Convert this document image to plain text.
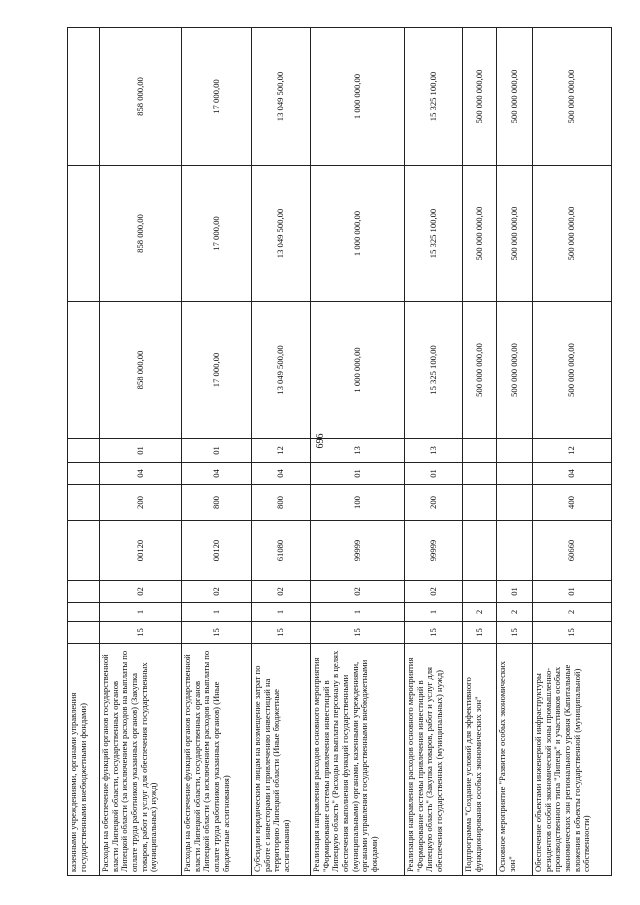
696
казенными учреждениями, органами управления государственными внебюджетными фондами)										
Расходы на обеспечение функций органов государственной власти Липецкой области, государственных органов Липецкой области (за исключением расходов на выплаты по оплате труда работников указанных органов) (Закупка товаров, работ и услуг для обеспечения государственных (муниципальных) нужд)	15	1	02	00120	200	04	01	858 000,00	858 000,00	858 000,00
Расходы на обеспечение функций органов государственной власти Липецкой области, государственных органов Липецкой области (за исключением расходов на выплаты по оплате труда работников указанных органов) (Иные бюджетные ассигнования)	15	1	02	00120	800	04	01	17 000,00	17 000,00	17 000,00
Субсидии юридическим лицам на возмещение затрат по работе с инвесторами и привлечению инвестиций на территорию Липецкой области (Иные бюджетные ассигнования)	15	1	02	61080	800	04	12	13 049 500,00	13 049 500,00	13 049 500,00
Реализация направления расходов основного мероприятия "Формирование системы привлечения инвестиций в Липецкую область" (Расходы на выплаты персоналу в целях обеспечения выполнения функций государственными (муниципальными) органами, казенными учреждениями, органами управления государственными внебюджетными фондами)	15	1	02	99999	100	01	13	1 000 000,00	1 000 000,00	1 000 000,00
Реализация направления расходов основного мероприятия "Формирование системы привлечения инвестиций в Липецкую область" (Закупка товаров, работ и услуг для обеспечения государственных (муниципальных) нужд)	15	1	02	99999	200	01	13	15 325 100,00	15 325 100,00	15 325 100,00
Подпрограмма "Создание условий для эффективного функционирования особых экономических зон"	15	2						500 000 000,00	500 000 000,00	500 000 000,00
Основное мероприятие "Развитие особых экономических зон"	15	2	01					500 000 000,00	500 000 000,00	500 000 000,00
Обеспечение объектами инженерной инфраструктуры резидентов особой экономической зоны промышленно-производственного типа "Липецк" и участников особых экономических зон регионального уровня (Капитальные вложения в объекты государственной (муниципальной) собственности)	15	2	01	60660	400	04	12	500 000 000,00	500 000 000,00	500 000 000,00
